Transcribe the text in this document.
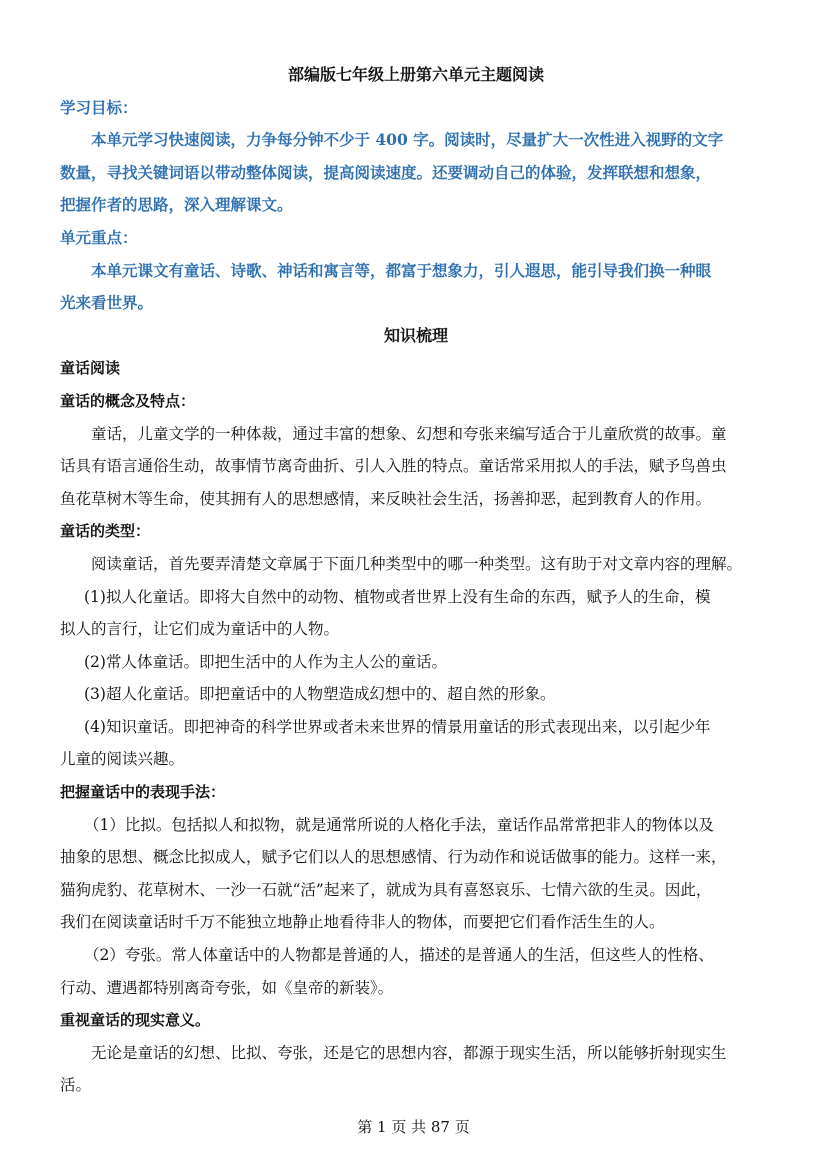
部编版七年级上册第六单元主题阅读
学习目标：
本单元学习快速阅读，力争每分钟不少于 400 字。阅读时，尽量扩大一次性进入视野的文字
数量，寻找关键词语以带动整体阅读，提高阅读速度。还要调动自己的体验，发挥联想和想象，
把握作者的思路，深入理解课文。
单元重点：
本单元课文有童话、诗歌、神话和寓言等，都富于想象力，引人遐思，能引导我们换一种眼
光来看世界。
知识梳理
童话阅读
童话的概念及特点：
童话，儿童文学的一种体裁，通过丰富的想象、幻想和夸张来编写适合于儿童欣赏的故事。童
话具有语言通俗生动，故事情节离奇曲折、引人入胜的特点。童话常采用拟人的手法，赋予鸟兽虫
鱼花草树木等生命，使其拥有人的思想感情，来反映社会生活，扬善抑恶，起到教育人的作用。
童话的类型：
阅读童话，首先要弄清楚文章属于下面几种类型中的哪一种类型。这有助于对文章内容的理解。
(1)拟人化童话。即将大自然中的动物、植物或者世界上没有生命的东西，赋予人的生命，模
拟人的言行，让它们成为童话中的人物。
(2)常人体童话。即把生活中的人作为主人公的童话。
(3)超人化童话。即把童话中的人物塑造成幻想中的、超自然的形象。
(4)知识童话。即把神奇的科学世界或者未来世界的情景用童话的形式表现出来，以引起少年
儿童的阅读兴趣。
把握童话中的表现手法：
（1）比拟。包括拟人和拟物，就是通常所说的人格化手法，童话作品常常把非人的物体以及
抽象的思想、概念比拟成人，赋予它们以人的思想感情、行为动作和说话做事的能力。这样一来，
猫狗虎豹、花草树木、一沙一石就“活”起来了，就成为具有喜怒哀乐、七情六欲的生灵。因此，
我们在阅读童话时千万不能独立地静止地看待非人的物体，而要把它们看作活生生的人。
（2）夸张。常人体童话中的人物都是普通的人，描述的是普通人的生活，但这些人的性格、
行动、遭遇都特别离奇夸张，如《皇帝的新装》。
重视童话的现实意义。
无论是童话的幻想、比拟、夸张，还是它的思想内容，都源于现实生活，所以能够折射现实生
活。
第 1 页 共 87 页
